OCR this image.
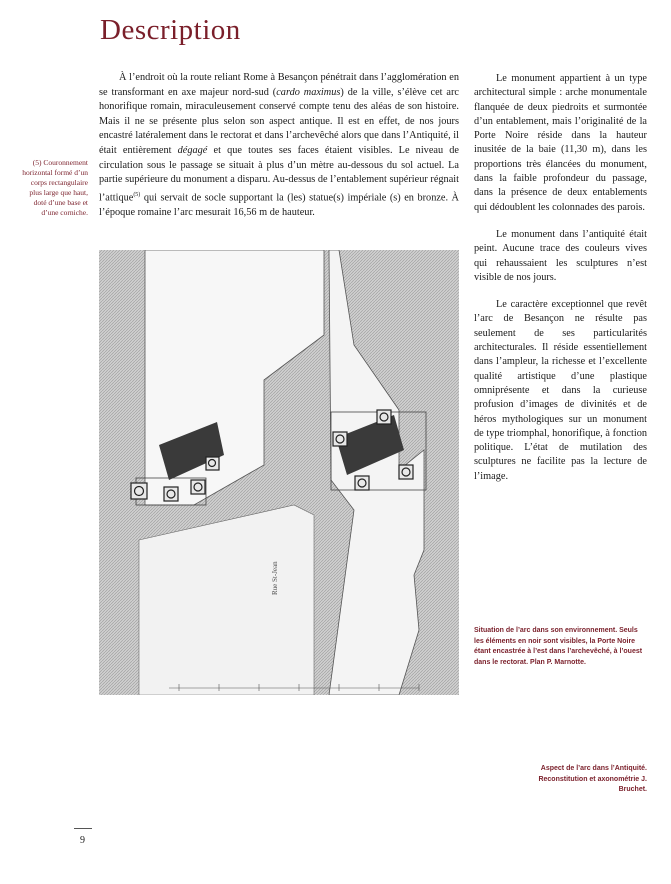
Description
(5) Couronnement horizontal formé d’un corps rectangulaire plus large que haut, doté d’une base et d’une corniche.

À l’endroit où la route reliant Rome à Besançon pénétrait dans l’agglomération en se transformant en axe majeur nord-sud (cardo maximus) de la ville, s’élève cet arc honorifique romain, miraculeusement conservé compte tenu des aléas de son histoire. Mais il ne se présente plus selon son aspect antique. Il est en effet, de nos jours encastré latéralement dans le rectorat et dans l’archevêché alors que dans l’Antiquité, il était entièrement dégagé et que toutes ses faces étaient visibles. Le niveau de circulation sous le passage se situait à plus d’un mètre au-dessous du sol actuel. La partie supérieure du monument a disparu. Au-dessus de l’entablement supérieur régnait l’attique$^{(5)}$ qui servait de socle supportant la (les) statue(s) impériale (s) en bronze. À l’époque romaine l’arc mesurait 16,56 m de hauteur.

Le monument appartient à un type architectural simple : arche monumentale flanquée de deux piedroits et surmontée d’un entablement, mais l’originalité de la Porte Noire réside dans la hauteur inusitée de la baie (11,30 m), dans les proportions très élancées du monument, dans la faible profondeur du passage, dans la présence de deux entablements qui dédoublent les colonnades des parois.

Le monument dans l’antiquité était peint. Aucune trace des couleurs vives qui rehaussaient les sculptures n’est visible de nos jours.

Le caractère exceptionnel que revêt l’arc de Besançon ne résulte pas seulement de ses particularités architecturales. Il réside essentiellement dans l’ampleur, la richesse et l’excellente qualité artistique d’une plastique omniprésente et dans la curieuse profusion d’images de divinités et de héros mythologiques sur un monument de type triomphal, honorifique, à fonction politique. L’état de mutilation des sculptures ne facilite pas la lecture de l’image.

Rue St-Jean
Situation de l’arc dans son environnement. Seuls les éléments en noir sont visibles, la Porte Noire étant encastrée à l’est dans l’archevêché, à l’ouest dans le rectorat. Plan P. Marnotte.
Aspect de l’arc dans l’Antiquité. Reconstitution et axonométrie J. Bruchet.
9
